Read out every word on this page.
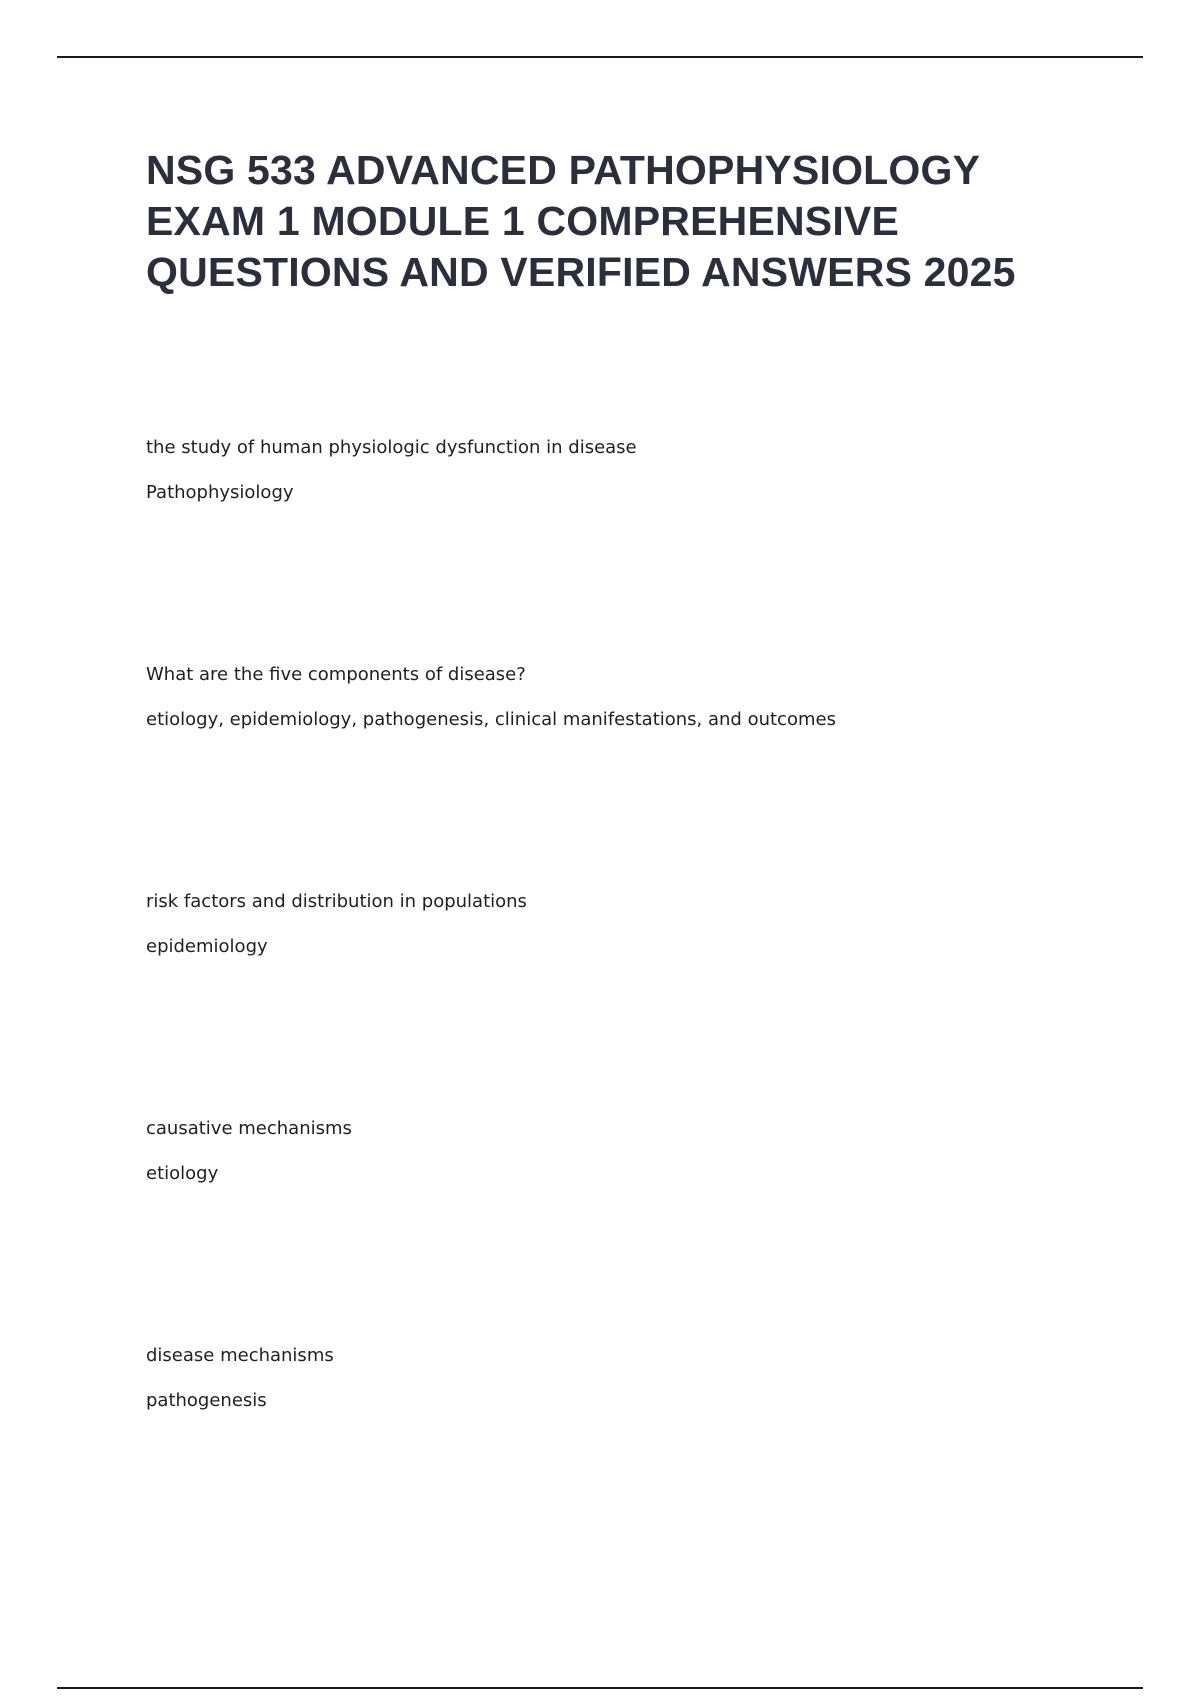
NSG 533 ADVANCED PATHOPHYSIOLOGY
EXAM 1 MODULE 1 COMPREHENSIVE
QUESTIONS AND VERIFIED ANSWERS 2025
the study of human physiologic dysfunction in disease
Pathophysiology
What are the five components of disease?
etiology, epidemiology, pathogenesis, clinical manifestations, and outcomes
risk factors and distribution in populations
epidemiology
causative mechanisms
etiology
disease mechanisms
pathogenesis
